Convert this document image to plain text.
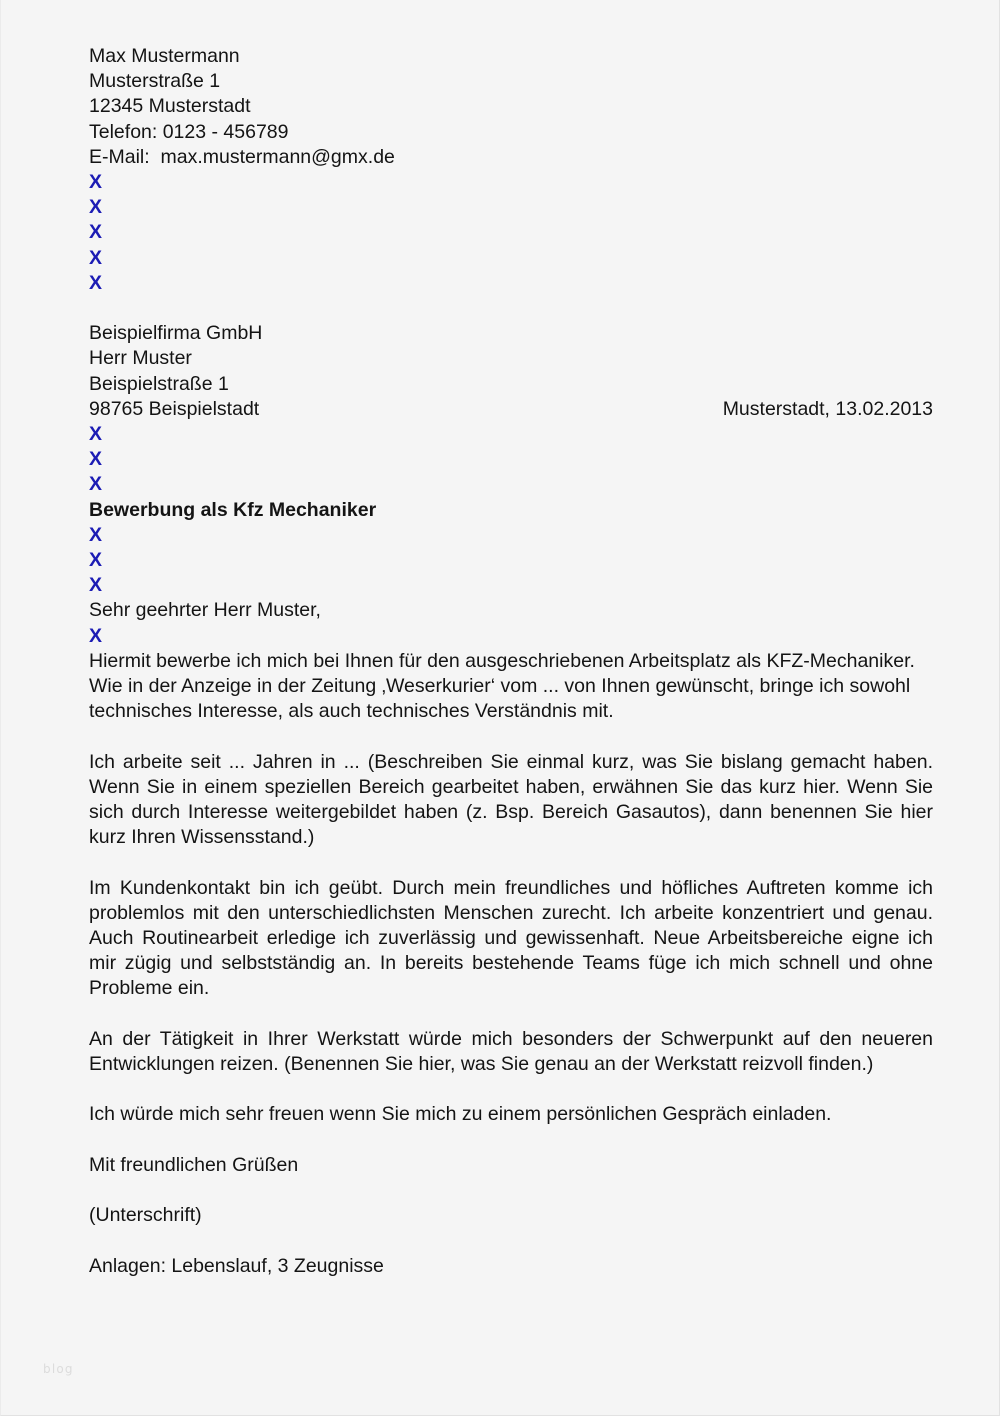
Max Mustermann
Musterstraße 1
12345 Musterstadt
Telefon: 0123 - 456789
E-Mail:  max.mustermann@gmx.de
X
X
X
X
X
Beispielfirma GmbH
Herr Muster
Beispielstraße 1
98765 Beispielstadt	Musterstadt, 13.02.2013
X
X
X
Bewerbung als Kfz Mechaniker
X
X
X
Sehr geehrter Herr Muster,
X

Hiermit bewerbe ich mich bei Ihnen für den ausgeschriebenen Arbeitsplatz als KFZ-Mechaniker. Wie in der Anzeige in der Zeitung ‚Weserkurier‘ vom ... von Ihnen gewünscht, bringe ich sowohl technisches Interesse, als auch technisches Verständnis mit.

Ich arbeite seit ... Jahren in ... (Beschreiben Sie einmal kurz, was Sie bislang gemacht haben. Wenn Sie in einem speziellen Bereich gearbeitet haben, erwähnen Sie das kurz hier. Wenn Sie sich durch Interesse weitergebildet haben (z. Bsp. Bereich Gasautos), dann benennen Sie hier kurz Ihren Wissensstand.)

Im Kundenkontakt bin ich geübt. Durch mein freundliches und höfliches Auftreten komme ich problemlos mit den unterschiedlichsten Menschen zurecht. Ich arbeite konzentriert und genau. Auch Routinearbeit erledige ich zuverlässig und gewissenhaft. Neue Arbeitsbereiche eigne ich mir zügig und selbstständig an. In bereits bestehende Teams füge ich mich schnell und ohne Probleme ein.

An der Tätigkeit in Ihrer Werkstatt würde mich besonders der Schwerpunkt auf den neueren Entwicklungen reizen. (Benennen Sie hier, was Sie genau an der Werkstatt reizvoll finden.)

Ich würde mich sehr freuen wenn Sie mich zu einem persönlichen Gespräch einladen.

Mit freundlichen Grüßen
(Unterschrift)
Anlagen: Lebenslauf, 3 Zeugnisse
blog
